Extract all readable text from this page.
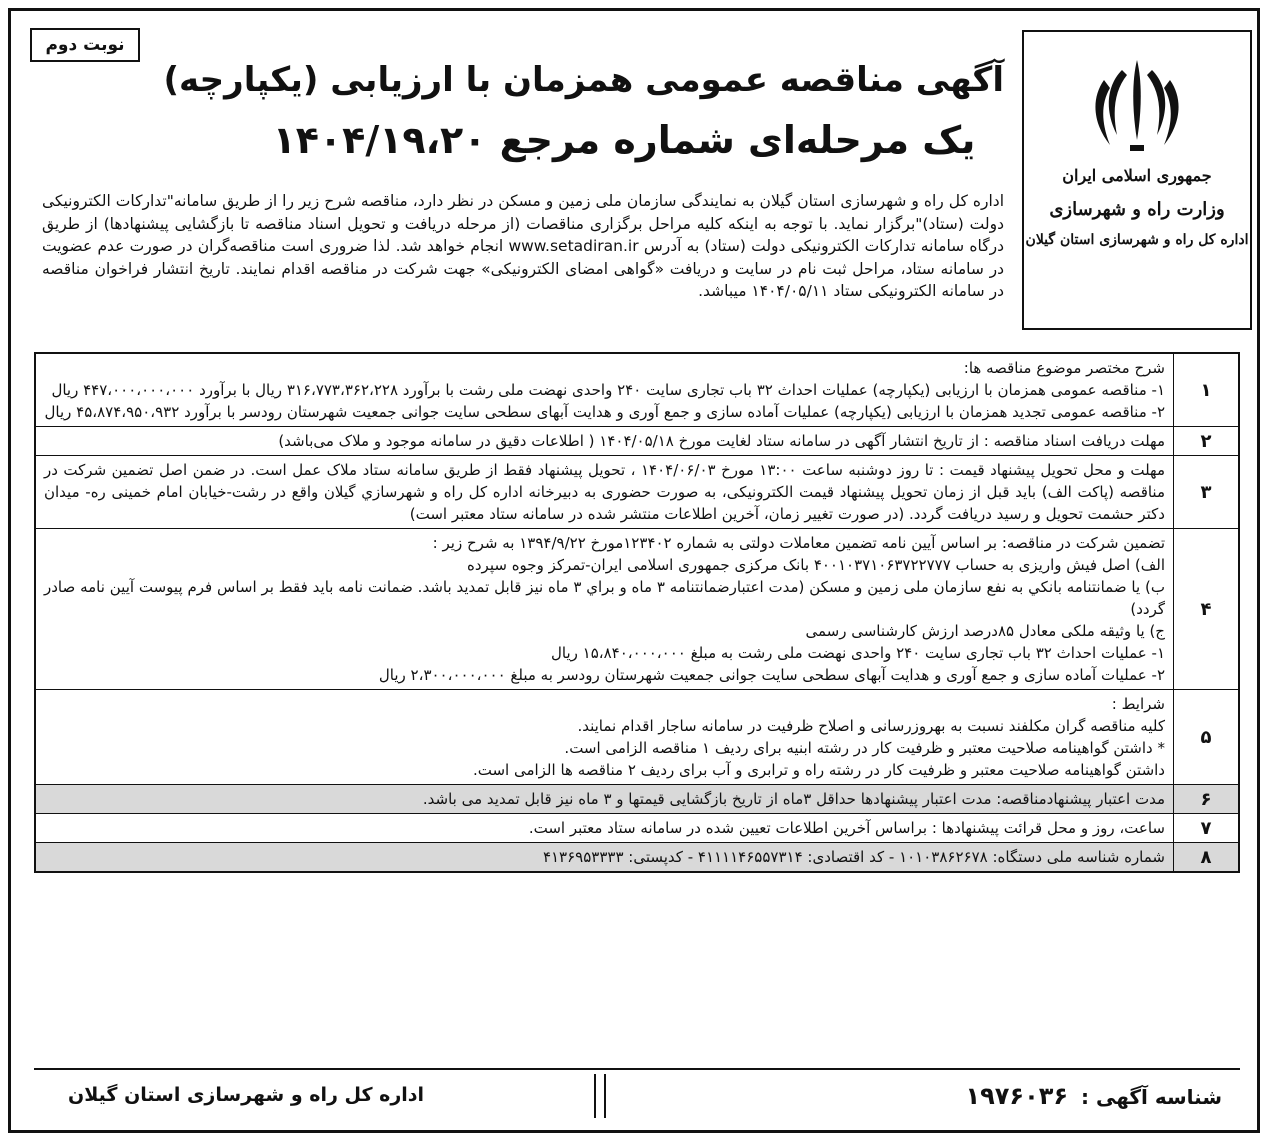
نوبت دوم
جمهوری اسلامی ایران
وزارت راه و شهرسازی
اداره کل راه و شهرسازی استان گیلان
آگهی مناقصه عمومی همزمان با ارزیابی (یکپارچه)
یک مرحله‌ای شماره مرجع ۱۴۰۴/۱۹،۲۰
اداره کل راه و شهرسازی استان گیلان به نمایندگی سازمان ملی زمین و مسکن در نظر دارد، مناقصه شرح زیر را از طریق سامانه"تدارکات الکترونیکی دولت (ستاد)"برگزار نماید. با توجه به اینکه کلیه مراحل برگزاری مناقصات (از مرحله دریافت و تحویل اسناد مناقصه تا بازگشایی پیشنهادها) از طریق درگاه سامانه تدارکات الکترونیکی دولت (ستاد) به آدرس www.setadiran.ir انجام خواهد شد. لذا ضروری است مناقصه‌گران در صورت عدم عضویت در سامانه ستاد، مراحل ثبت نام در سایت و دریافت «گواهی امضای الکترونیکی» جهت شرکت در مناقصه اقدام نمایند. تاریخ انتشار فراخوان مناقصه در سامانه الکترونیکی ستاد ۱۴۰۴/۰۵/۱۱ میباشد.
۱

شرح مختصر موضوع مناقصه ها:

۱- مناقصه عمومی همزمان با ارزیابی (یکپارچه) عملیات احداث ۳۲ باب تجاری سایت ۲۴۰ واحدی نهضت ملی رشت با برآورد ۳۱۶،۷۷۳،۳۶۲،۲۲۸ ریال با برآورد ۴۴۷،۰۰۰،۰۰۰،۰۰۰ ریال

۲- مناقصه عمومی تجدید همزمان با ارزیابی (یکپارچه) عملیات آماده سازی و جمع آوری و هدایت آبهای سطحی سایت جوانی جمعیت شهرستان رودسر با برآورد ۴۵،۸۷۴،۹۵۰،۹۳۲ ریال

۲

مهلت دریافت اسناد مناقصه : از تاریخ انتشار آگهی در سامانه ستاد لغایت مورخ ۱۴۰۴/۰۵/۱۸ ( اطلاعات دقیق در سامانه موجود و ملاک می‌باشد)

۳

مهلت و محل تحویل پیشنهاد قیمت : تا روز دوشنبه ساعت ۱۳:۰۰ مورخ ۱۴۰۴/۰۶/۰۳ ، تحویل پیشنهاد فقط از طریق سامانه ستاد ملاک عمل است. در ضمن اصل تضمین شرکت در مناقصه (پاکت الف) باید قبل از زمان تحویل پیشنهاد قیمت الکترونیکی، به صورت حضوری به دبیرخانه اداره کل راه و شهرسازي گیلان واقع در رشت-خیابان امام خمینی ره- میدان دکتر حشمت تحویل و رسید دریافت گردد. (در صورت تغییر زمان، آخرین اطلاعات منتشر شده در سامانه ستاد معتبر است)

۴

تضمین شرکت در مناقصه: بر اساس آیین نامه تضمین معاملات دولتی به شماره ۱۲۳۴۰۲مورخ ۱۳۹۴/۹/۲۲ به شرح زیر :

الف) اصل فیش واریزی به حساب ۴۰۰۱۰۳۷۱۰۶۳۷۲۲۷۷۷ بانک مرکزی جمهوری اسلامی ایران-تمرکز وجوه سپرده

ب) یا ضمانتنامه بانکي به نفع سازمان ملی زمین و مسکن (مدت اعتبارضمانتنامه ۳ ماه و براي ۳ ماه نیز قابل تمدید باشد. ضمانت نامه باید فقط بر اساس فرم پیوست آیین نامه صادر گردد)

ج) یا وثیقه ملکی معادل ۸۵درصد ارزش کارشناسی رسمی

۱- عملیات احداث ۳۲ باب تجاری سایت ۲۴۰ واحدی نهضت ملی رشت به مبلغ ۱۵،۸۴۰،۰۰۰،۰۰۰ ریال

۲- عملیات آماده سازی و جمع آوری و هدایت آبهای سطحی سایت جوانی جمعیت شهرستان رودسر به مبلغ ۲،۳۰۰،۰۰۰،۰۰۰ ریال

۵

شرایط :

کلیه مناقصه گران مکلفند نسبت به بهروزرسانی و اصلاح ظرفیت در سامانه ساجار اقدام نمایند.

* داشتن گواهینامه صلاحیت معتبر و ظرفیت کار در رشته ابنیه برای ردیف ۱ مناقصه الزامی است.

داشتن گواهینامه صلاحیت معتبر و ظرفیت کار در رشته راه و ترابری و آب برای ردیف ۲ مناقصه ها الزامی است.

۶

مدت اعتبار پیشنهادمناقصه: مدت اعتبار پیشنهادها حداقل ۳ماه از تاریخ بازگشایی قیمتها و ۳ ماه نیز قابل تمدید می باشد.

۷

ساعت، روز و محل قرائت پیشنهادها : براساس آخرین اطلاعات تعیین شده در سامانه ستاد معتبر است.

۸

شماره شناسه ملی دستگاه: ۱۰۱۰۳۸۶۲۶۷۸ - کد اقتصادی: ۴۱۱۱۱۴۶۵۵۷۳۱۴ - کدپستی: ۴۱۳۶۹۵۳۳۳۳

شناسه آگهی : ۱۹۷۶۰۳۶
اداره کل راه و شهرسازی استان گیلان
